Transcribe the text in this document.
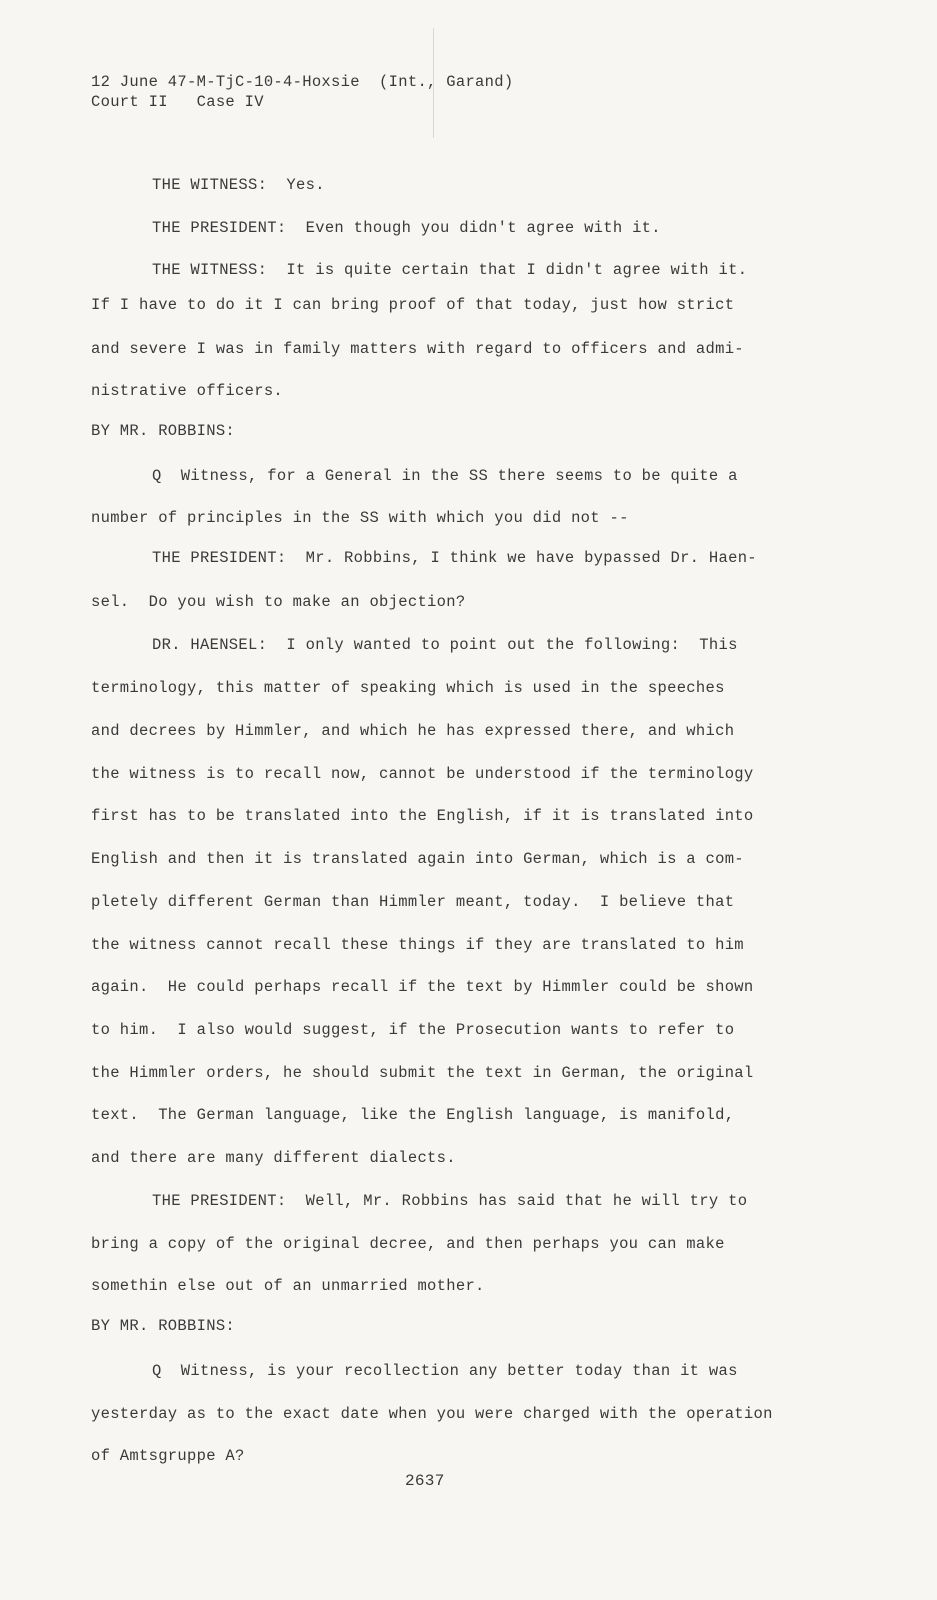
12 June 47-M-TjC-10-4-Hoxsie  (Int., Garand)
Court II   Case IV
THE WITNESS:  Yes.
THE PRESIDENT:  Even though you didn't agree with it.
THE WITNESS:  It is quite certain that I didn't agree with it.
If I have to do it I can bring proof of that today, just how strict
and severe I was in family matters with regard to officers and admi-
nistrative officers.
BY MR. ROBBINS:
Q  Witness, for a General in the SS there seems to be quite a
number of principles in the SS with which you did not --
THE PRESIDENT:  Mr. Robbins, I think we have bypassed Dr. Haen-
sel.  Do you wish to make an objection?
DR. HAENSEL:  I only wanted to point out the following:  This
terminology, this matter of speaking which is used in the speeches
and decrees by Himmler, and which he has expressed there, and which
the witness is to recall now, cannot be understood if the terminology
first has to be translated into the English, if it is translated into
English and then it is translated again into German, which is a com-
pletely different German than Himmler meant, today.  I believe that
the witness cannot recall these things if they are translated to him
again.  He could perhaps recall if the text by Himmler could be shown
to him.  I also would suggest, if the Prosecution wants to refer to
the Himmler orders, he should submit the text in German, the original
text.  The German language, like the English language, is manifold,
and there are many different dialects.
THE PRESIDENT:  Well, Mr. Robbins has said that he will try to
bring a copy of the original decree, and then perhaps you can make
somethin else out of an unmarried mother.
BY MR. ROBBINS:
Q  Witness, is your recollection any better today than it was
yesterday as to the exact date when you were charged with the operation
of Amtsgruppe A?
2637
